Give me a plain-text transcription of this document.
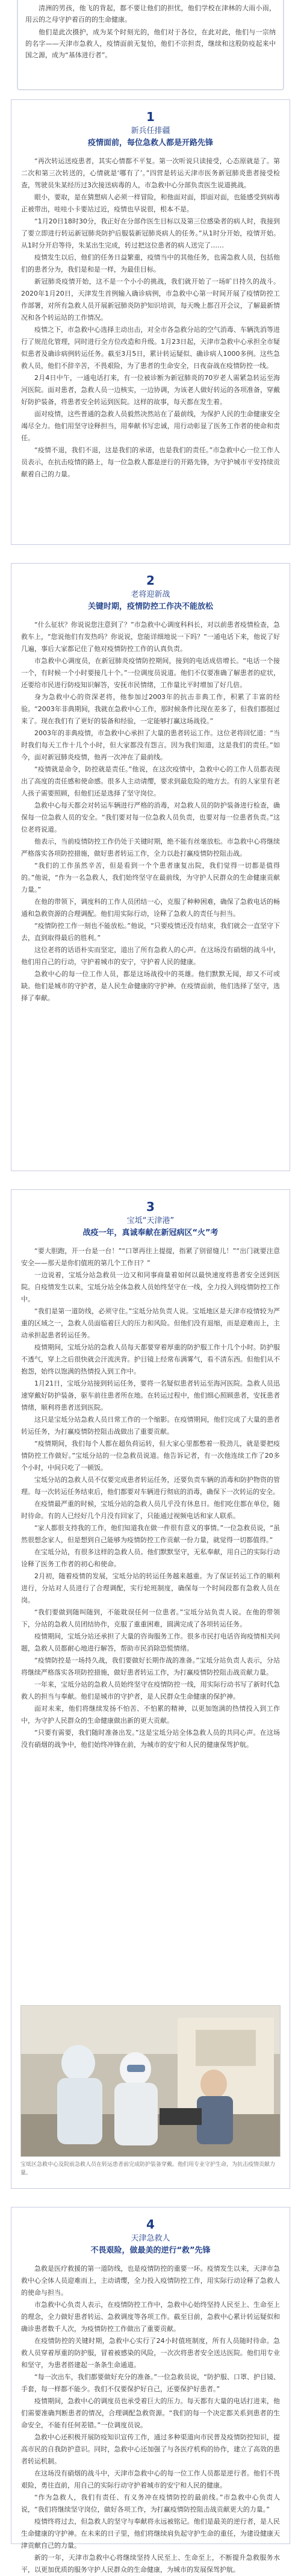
清洲的男孩，他飞的背起，都不要让他们的担忧，他们学校在津林的大雨小雨，用云的之母守护着百的的生命健康。

他们是此次摄护，成为某个时刻光的，他们对于各位，在此对此，他们与一宗纳的名字——天津市急救人，疫情面前无复怕，他们不宗担责，继续和这股防疫起来中国之源，成为“基体进行者”。

1
新兵任排疆
疫情面前，每位急救人都是开路先锋

“再次转运送疫患者，其实心情都不平复。第一次听说只读接受，心态原就是了。第二次和第三次转送的，心情就是‘哪有了’。”四营是转运天津市医务新冠肺炎患者接受检查，驾驶员朱某经历过3次接送病毒的人，市急救中心分部负责医生说道挑战。

眼小，要取，是在猜想病人必须一样冒险，和他面对面，即面对面，也能感受到病毒正被带出，哇哇小卡要站过近，疫情也早说很，根本不是。

“1月20日18时30分，我正好在分部作医生目标以及第三位感染者的病人时，我接到了要立即进行转运新冠肺炎防护后服装新冠肺炎病人的任务。”从1时分开始，疫情开始。从1时分开启等待，朱某出生完成，转过把这位患者的病人送完了……

疫情发生以后，他们的任务日益繁重，疫情当中的其他任务，也需急救人员，包括他们的患者分为，我们是和是一样，为最佳目标。

新冠肺炎疫情开始，这不是一个小小的挑战，我们就开始了一场旷日持久的战斗。2020年1月20日，天津发生首例输入确诊病例，市急救中心第一时间开展了疫情防控工作部署，对所有急救人员开展新冠肺炎防护知识培训，每天晚上都召开会议，了解最新情况和各个转运站的工作情况。

疫情之下，市急救中心选择主动出击，对全市各急救分站的空气消毒、车辆洗消等进行了规范化管理，同时进行全方位改造和升级。1月23日起，天津市急救中心承担全市疑似患者及确诊病例转运任务。截至3月5日，累计转运疑似、确诊病人1000多例。这些急救人员，他们不辞辛苦，不畏艰险，为了患者的生命安全，日夜奋战在疫情防控一线。

2月4日中午，一通电话打来，有一位被诊断为新冠肺炎的70岁老人需紧急转运至海河医院。面对患者，急救人员一边核实，一边协调，为该老人做好转运的各项准备，穿戴好防护装备，将患者安全转运到医院。这样的故事，每天都在发生着。

面对疫情，这些普通的急救人员毅然决然站在了最前线，为保护人民的生命健康安全竭尽全力。他们用坚守诠释担当，用奉献书写忠诚，用行动彰显了医务工作者的使命和责任。

“疫情不退，我们不退，这是我们的承诺，也是我们的责任。”市急救中心一位工作人员表示，在抗击疫情的路上，每一位急救人都是逆行的开路先锋，为守护城市平安持续贡献着自己的力量。

2
老将迎新战
关键时期，疫情防控工作决不能放松

“什么征状？你说说您注意到了？”市急救中心调度科科长，对以前患者疫情检查，急救车上，“您说他们有发热吗？你说说，您能详细地说一下吗？”一通电话下来，他说了好几遍，事后大家都记住了他对疫情防控工作的认真负责。

市急救中心调度员，在新冠肺炎疫情防控期间，接到的电话成倍增长。“电话一个接一个，有时候一个小时要接几十个。”一位调度员说道。他们不仅要准确了解患者的症状，还要给市民进行防疫知识解答，安抚市民情绪，工作量比平时增加了好几倍。

身为急救中心的资深老将，他参加过2003年的抗击非典工作，积累了丰富的经验。“2003年非典期间，我就在急救中心工作，那时候条件比现在差多了，但我们都挺过来了。现在我们有了更好的装备和经验，一定能够打赢这场战役。”

2003年的非典疫情，市急救中心承担了大量的患者转运工作。这位老将回忆道：“当时我们每天工作十几个小时，但大家都没有怨言。因为我们知道，这是我们的责任。”如今，面对新冠肺炎疫情，他再一次冲在了最前线。

“疫情就是命令，防控就是责任。”他说，在这次疫情中，急救中心的工作人员都表现出了高度的责任感和使命感。很多人主动请缨，要求到最危险的地方去。有的人家里有老人孩子需要照顾，但他们还是选择了坚守岗位。

急救中心每天都会对转运车辆进行严格的消毒，对急救人员的防护装备进行检查，确保每一位急救人员的安全。“我们要对每一位急救人员负责，也要对每一位患者负责。”这位老将说道。

他表示，当前疫情防控工作仍处于关键时期，绝不能有丝毫放松。市急救中心将继续严格落实各项防控措施，做好患者转运工作，全力以赴打赢疫情防控阻击战。

“我们的工作虽然辛苦，但是看到一个个患者康复出院，我们觉得一切都是值得的。”他说，“作为一名急救人，我们始终坚守在最前线，为守护人民群众的生命健康贡献力量。”

在他的带领下，调度科的工作人员团结一心，克服了种种困难，确保了急救电话的畅通和急救资源的合理调配。他们用实际行动，诠释了急救人的责任与担当。

“疫情防控工作一刻也不能放松。”他说，“只要疫情还没有结束，我们就会一直坚守下去，直到取得最后的胜利。”

这位老将的话语朴实而坚定，道出了所有急救人的心声。在这场没有硝烟的战斗中，他们用自己的行动，守护着城市的安宁，守护着人民的健康。

急救中心的每一位工作人员，都是这场战役中的英雄。他们默默无闻，却又不可或缺。他们是城市的守护者，是人民生命健康的守护神。在疫情面前，他们选择了坚守，选择了奉献。

3
宝坻“天津港”
战疫一年，真诚奉献在新冠病区“火”考

“要大胆跑，开一台是一台！”“口罩再往上提提，指紧了别留缝儿！”“出门就要注意安全——那天是你们值班的第几个工作日？”

一边说着，宝坻分站急救员一边又和同事商量着如何以最快速度将患者安全送到医院。自疫情发生以来，宝坻分站全体急救人员始终坚守在一线，全力投入到疫情防控工作中。

“我们是第一道防线，必须守住。”宝坻分站负责人说。宝坻地区是天津市疫情较为严重的区域之一，急救人员面临着巨大的压力和风险。但他们没有退缩，而是迎难而上，主动承担起患者转运任务。

疫情期间，宝坻分站的急救人员每天都要穿着厚重的防护服工作十几个小时。防护服不透气，穿上之后很快就会汗流浃背。护目镜上经常布满雾气，看不清东西。但他们从不抱怨，始终以饱满的热情投入到工作中。

1月21日，宝坻分站接到转运任务，要将一名疑似患者转运至海河医院。急救人员迅速穿戴好防护装备，驱车前往患者所在地。在转运过程中，他们细心照顾患者，安抚患者情绪，顺利将患者送到医院。

这只是宝坻分站急救人员日常工作的一个缩影。在疫情期间，他们完成了大量的患者转运任务，为打赢疫情防控阻击战做出了重要贡献。

“疫情期间，我们每个人都在超负荷运转，但大家心里都憋着一股劲儿，就是要把疫情防控工作做好。”宝坻分站的一位急救员说道。他告诉记者，有一次他连续工作了20多个小时，中间只吃了一顿饭。

宝坻分站的急救人员不仅要完成患者转运任务，还要负责车辆的消毒和防护物资的管理。每一次转运任务结束后，他们都要对车辆进行彻底的消毒，确保下一次转运的安全。

在疫情最严重的时候，宝坻分站的急救人员几乎没有休息日。他们吃住都在单位，随时待命。有的人已经好几个月没有回家了，只能通过视频电话和家人联系。

“家人都很支持我的工作，他们知道我在做一件很有意义的事情。”一位急救员说，“虽然很想念家人，但是想到自己能够为疫情防控工作贡献一份力量，就觉得一切都值得。”

在宝坻分站，有很多这样的急救人员。他们默默坚守，无私奉献，用自己的实际行动诠释了医务工作者的初心和使命。

2月初，随着疫情的发展，宝坻分站的转运任务越来越重。为了保证转运工作的顺利进行，分站对人员进行了合理调配，实行轮班制度，确保每一个时间段都有急救人员在岗。

“我们要做到随叫随到，不能耽误任何一位患者。”宝坻分站负责人说。在他的带领下，分站的急救人员团结协作，克服了重重困难，圆满完成了各项转运任务。

疫情期间，宝坻分站还承担了大量的咨询服务工作。很多市民打电话咨询疫情相关问题，急救人员都耐心地进行解答，帮助市民消除恐慌情绪。

“疫情防控是一场持久战，我们要做好长期作战的准备。”宝坻分站负责人表示，分站将继续严格落实各项防控措施，做好患者转运工作，为打赢疫情防控阻击战贡献力量。

一年来，宝坻分站的急救人员始终坚守在疫情防控一线，用实际行动书写了新时代急救人的担当与奉献。他们是城市的守护者，是人民群众生命健康的保护神。

面对未来，他们将继续发扬不怕苦、不怕累的精神，以更加饱满的热情投入到工作中，为守护人民群众的生命健康做出新的更大贡献。

“只要有需要，我们随时准备出发。”这是宝坻分站全体急救人员的共同心声。在这场没有硝烟的战争中，他们始终冲锋在前，为城市的安宁和人民的健康保驾护航。

宝坻区急救中心及院前急救人员在转运患者前完成防护装备穿戴。他们用专业守护生命，为抗击疫情贡献力量。
4
天津急救人
不畏艰险，做最美的逆行“救”先锋

急救是医疗救援的第一道防线，也是疫情防控的重要一环。疫情发生以来，天津市急救中心全体人员迎难而上，主动请缨，全力投入疫情防控工作，用实际行动诠释了急救人的使命与担当。

市急救中心负责人表示，在疫情防控工作中，急救中心始终坚持人民至上、生命至上的理念，全力做好患者转运、急救调度等各项工作。截至目前，急救中心累计转运疑似和确诊患者数千人次，为疫情防控工作做出了重要贡献。

在疫情防控的关键时期，急救中心实行了24小时值班制度，所有人员随时待命。急救人员穿着厚重的防护服，冒着被感染的风险，一次次将患者安全送达医院。他们用专业和坚守，为患者搭建起一条条生命通道。

“每一次出车，我们都要做好充分的准备。”一位急救员说，“防护服、口罩、护目镜、手套，每一样都不能少。我们不仅要保护好自己，还要保护好患者。”

疫情期间，急救中心的调度员也承受着巨大的压力。每天都有大量的电话打进来，他们需要准确判断患者的情况，合理调配急救资源。“我们的每一个决定都关系到患者的生命安全，不能有任何差错。”一位调度员说。

急救中心还积极开展防疫知识宣传工作，通过多种渠道向市民普及疫情防控知识，提高市民的自我防护意识。同时，急救中心还加强了与各医疗机构的协作，建立了高效的患者转运机制。

在这场没有硝烟的战斗中，天津市急救中心的每一位工作人员都是逆行者。他们不畏艰险，勇往直前，用自己的实际行动守护着城市的安宁和人民的健康。

“作为急救人，我们有责任、有义务冲在疫情防控的最前线。”市急救中心负责人说，“我们将继续坚守岗位，做好各项工作，为打赢疫情防控阻击战贡献更大的力量。”

疫情终将过去，但急救人的坚守与奉献将永远被铭记。他们是最美的逆行者，是人民生命健康的守护神。在未来的日子里，他们将继续肩负起守护生命的重任，为建设健康天津贡献自己的力量。

新的一年，天津市急救中心将继续坚持人民至上、生命至上，不断提升急救服务水平，以更加优质的服务守护人民群众的生命健康，为城市的发展保驾护航。
